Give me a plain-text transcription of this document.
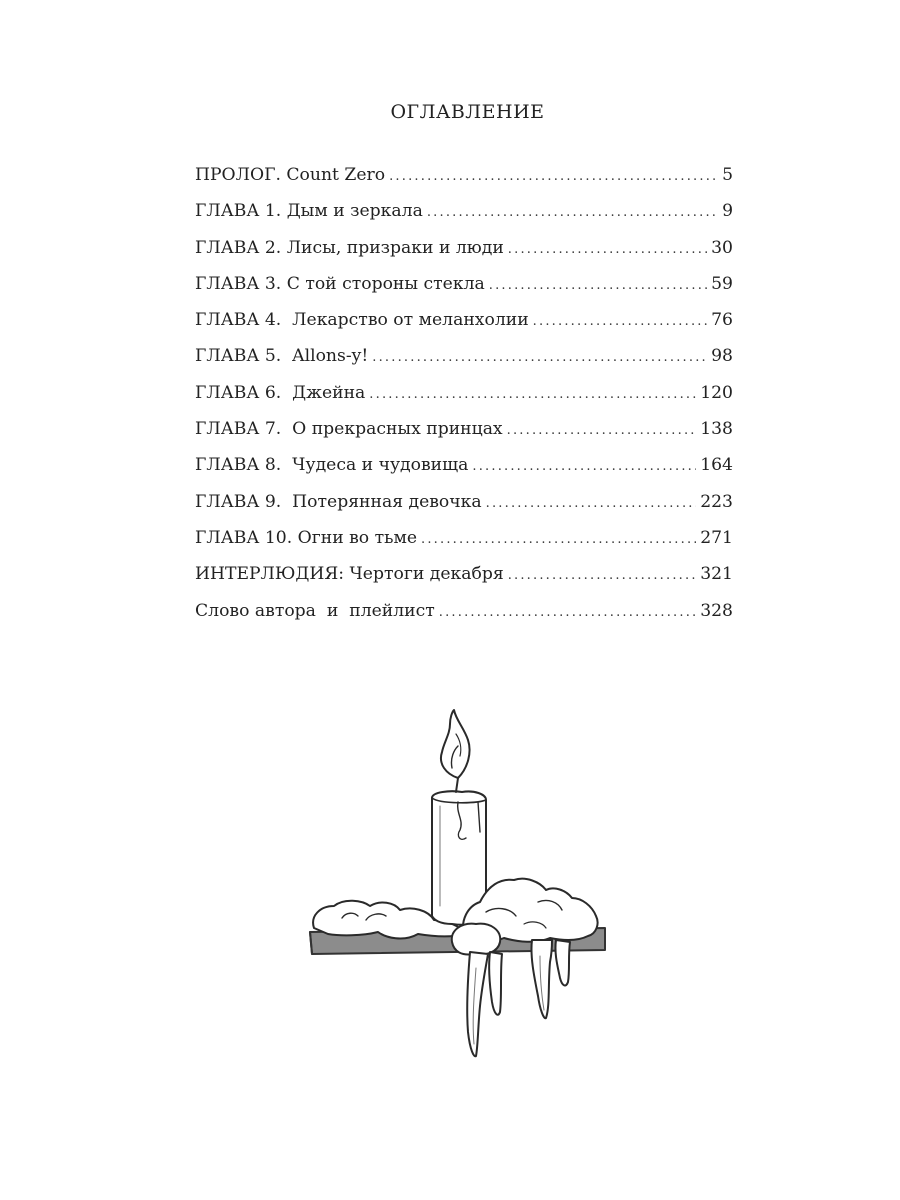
ОГЛАВЛЕНИЕ
ПРОЛОГ. Count Zero .....	5
ГЛАВА 1. Дым и зеркала .....	9
ГЛАВА 2. Лисы, призраки и люди .....	30
ГЛАВА 3. С той стороны стекла .....	59
ГЛАВА 4.  Лекарство от меланхолии .....	76
ГЛАВА 5.  Allons-y! .....	98
ГЛАВА 6.  Джейна .....	120
ГЛАВА 7.  О прекрасных принцах .....	138
ГЛАВА 8.  Чудеса и чудовища .....	164
ГЛАВА 9.  Потерянная девочка .....	223
ГЛАВА 10. Огни во тьме .....	271
ИНТЕРЛЮДИЯ: Чертоги декабря .....	321
Слово автора  и  плейлист .....	328
